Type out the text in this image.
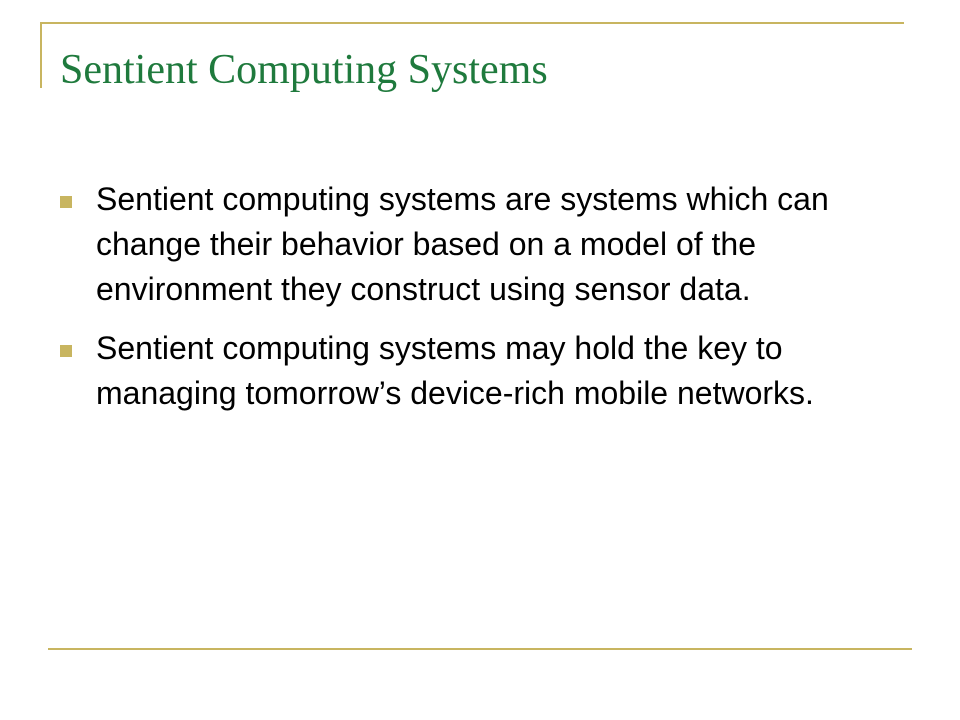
Sentient Computing Systems
Sentient computing systems are systems which can change their behavior based on a model of the environment they construct using sensor data.
Sentient computing systems may hold the key to managing tomorrow’s device-rich mobile networks.
